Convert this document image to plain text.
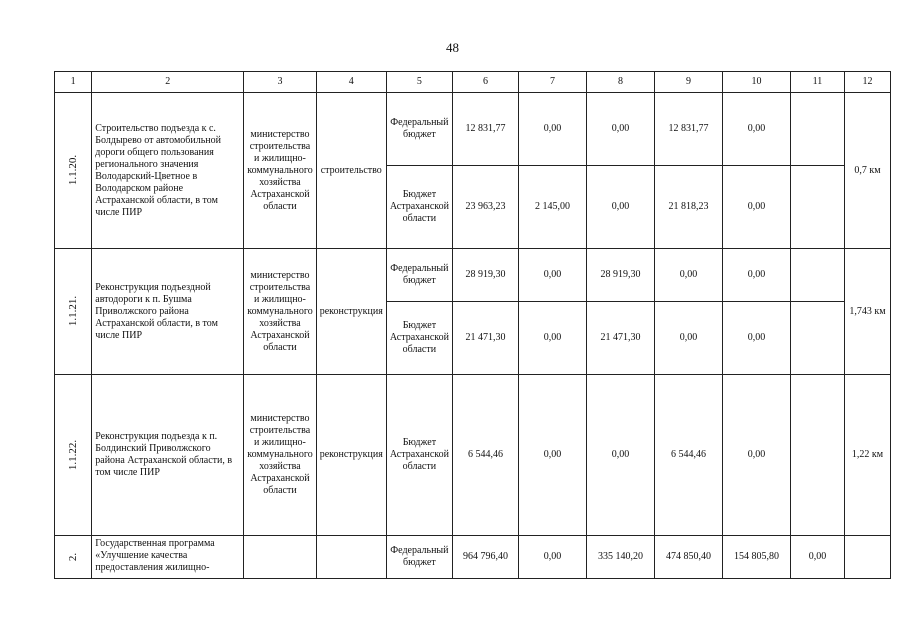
48
1	2	3	4	5	6	7	8	9	10	11	12
1.1.20.	Строительство подъезда к с. Болдырево от автомобильной дороги общего пользования регионального значения Володарский-Цветное в Володарском районе Астраханской области, в том числе ПИР	министерство строительства и жилищно-коммунального хозяйства Астраханской области	строительство	Федеральный бюджет	12 831,77	0,00	0,00	12 831,77	0,00		0,7 км
				Бюджет Астраханской области	23 963,23	2 145,00	0,00	21 818,23	0,00		
1.1.21.	Реконструкция подъездной автодороги к п. Бушма Приволжского района Астраханской области, в том числе ПИР	министерство строительства и жилищно-коммунального хозяйства Астраханской области	реконструкция	Федеральный бюджет	28 919,30	0,00	28 919,30	0,00	0,00		1,743 км
				Бюджет Астраханской области	21 471,30	0,00	21 471,30	0,00	0,00		
1.1.22.	Реконструкция подъезда к п. Болдинский Приволжского района Астраханской области, в том числе ПИР	министерство строительства и жилищно-коммунального хозяйства Астраханской области	реконструкция	Бюджет Астраханской области	6 544,46	0,00	0,00	6 544,46	0,00		1,22 км
2.	Государственная программа «Улучшение качества предоставления жилищно-			Федеральный бюджет	964 796,40	0,00	335 140,20	474 850,40	154 805,80	0,00	
